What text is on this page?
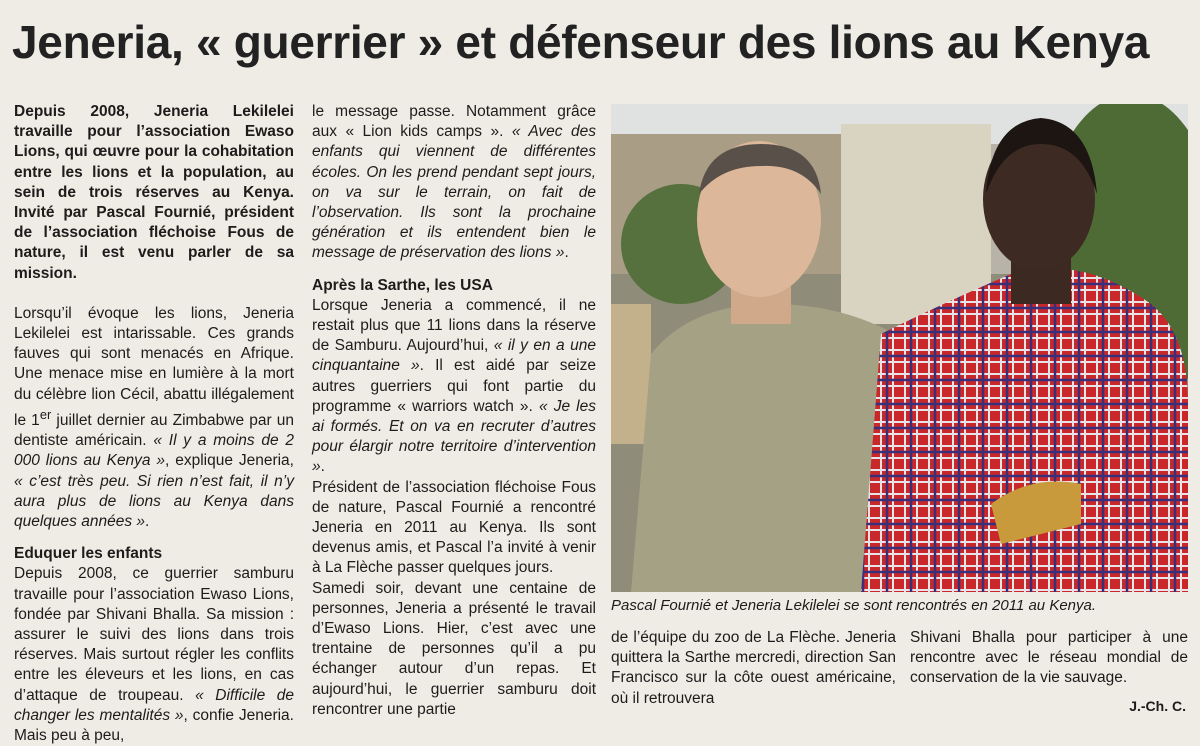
Jeneria, « guerrier » et défenseur des lions au Kenya

Depuis 2008, Jeneria Lekilelei travaille pour l’association Ewaso Lions, qui œuvre pour la cohabitation entre les lions et la population, au sein de trois réserves au Kenya. Invité par Pascal Fournié, président de l’association fléchoise Fous de nature, il est venu parler de sa mission.

Lorsqu’il évoque les lions, Jeneria Lekilelei est intarissable. Ces grands fauves qui sont menacés en Afrique. Une menace mise en lumière à la mort du célèbre lion Cécil, abattu illégalement le 1er juillet dernier au Zimbabwe par un dentiste américain. « Il y a moins de 2 000 lions au Kenya », explique Jeneria, « c’est très peu. Si rien n’est fait, il n’y aura plus de lions au Kenya dans quelques années ».

Eduquer les enfants

Depuis 2008, ce guerrier samburu travaille pour l’association Ewaso Lions, fondée par Shivani Bhalla. Sa mission : assurer le suivi des lions dans trois réserves. Mais surtout régler les conflits entre les éleveurs et les lions, en cas d’attaque de troupeau. « Difficile de changer les mentalités », confie Jeneria. Mais peu à peu,

le message passe. Notamment grâce aux « Lion kids camps ». « Avec des enfants qui viennent de différentes écoles. On les prend pendant sept jours, on va sur le terrain, on fait de l’observation. Ils sont la prochaine génération et ils entendent bien le message de préservation des lions ».

Après la Sarthe, les USA

Lorsque Jeneria a commencé, il ne restait plus que 11 lions dans la réserve de Samburu. Aujourd’hui, « il y en a une cinquantaine ». Il est aidé par seize autres guerriers qui font partie du programme « warriors watch ». « Je les ai formés. Et on va en recruter d’autres pour élargir notre territoire d’intervention ».

Président de l’association fléchoise Fous de nature, Pascal Fournié a rencontré Jeneria en 2011 au Kenya. Ils sont devenus amis, et Pascal l’a invité à venir à La Flèche passer quelques jours.

Samedi soir, devant une centaine de personnes, Jeneria a présenté le travail d’Ewaso Lions. Hier, c’est avec une trentaine de personnes qu’il a pu échanger autour d’un repas. Et aujourd’hui, le guerrier samburu doit rencontrer une partie

Pascal Fournié et Jeneria Lekilelei se sont rencontrés en 2011 au Kenya.

de l’équipe du zoo de La Flèche. Jeneria quittera la Sarthe mercredi, direction San Francisco sur la côte ouest américaine, où il retrouvera

Shivani Bhalla pour participer à une rencontre avec le réseau mondial de conservation de la vie sauvage.

J.-Ch. C.
